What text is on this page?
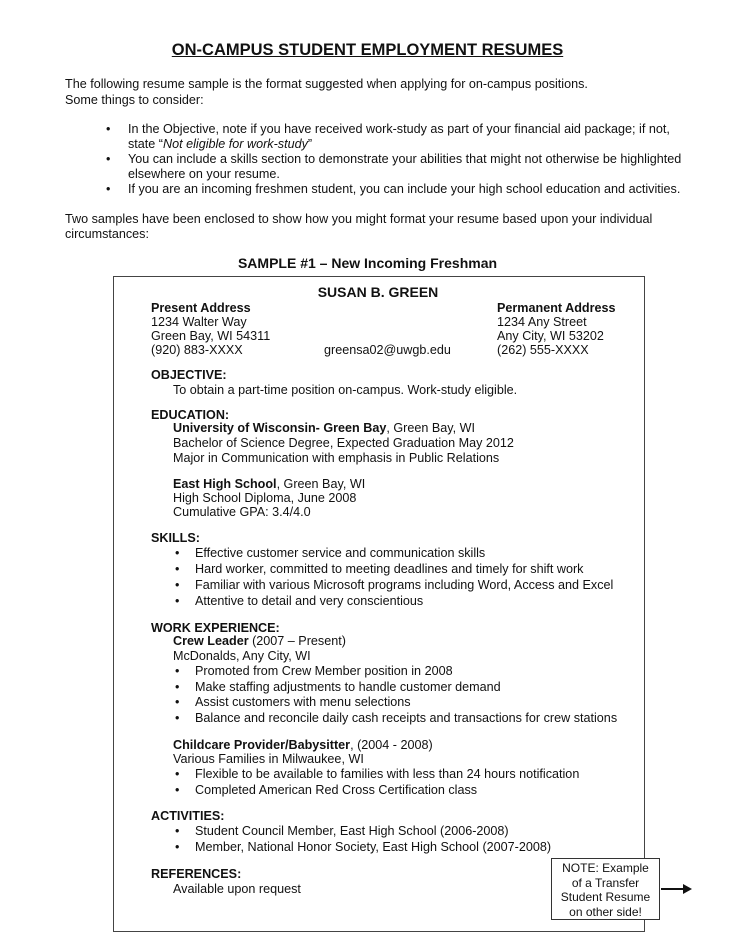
ON-CAMPUS STUDENT EMPLOYMENT RESUMES
The following resume sample is the format suggested when applying for on-campus positions.
Some things to consider:
• In the Objective, note if you have received work-study as part of your financial aid package; if not,
state “Not eligible for work-study”
• You can include a skills section to demonstrate your abilities that might not otherwise be highlighted
elsewhere on your resume.
• If you are an incoming freshmen student, you can include your high school education and activities.
Two samples have been enclosed to show how you might format your resume based upon your individual
circumstances:
SAMPLE #1 – New Incoming Freshman
SUSAN B. GREEN
Present Address
1234 Walter Way
Green Bay, WI 54311
(920) 883-XXXX	greensa02@uwgb.edu
Permanent Address
1234 Any Street
Any City, WI 53202
(262) 555-XXXX
OBJECTIVE:
To obtain a part-time position on-campus. Work-study eligible.
EDUCATION:
University of Wisconsin- Green Bay, Green Bay, WI
Bachelor of Science Degree, Expected Graduation May 2012
Major in Communication with emphasis in Public Relations
East High School, Green Bay, WI
High School Diploma, June 2008
Cumulative GPA: 3.4/4.0
SKILLS:
• Effective customer service and communication skills
• Hard worker, committed to meeting deadlines and timely for shift work
• Familiar with various Microsoft programs including Word, Access and Excel
• Attentive to detail and very conscientious
WORK EXPERIENCE:
Crew Leader (2007 – Present)
McDonalds, Any City, WI
• Promoted from Crew Member position in 2008
• Make staffing adjustments to handle customer demand
• Assist customers with menu selections
• Balance and reconcile daily cash receipts and transactions for crew stations
Childcare Provider/Babysitter, (2004 - 2008)
Various Families in Milwaukee, WI
• Flexible to be available to families with less than 24 hours notification
• Completed American Red Cross Certification class
ACTIVITIES:
• Student Council Member, East High School (2006-2008)
• Member, National Honor Society, East High School (2007-2008)
REFERENCES:
Available upon request
NOTE: Example
of a Transfer
Student Resume
on other side!
